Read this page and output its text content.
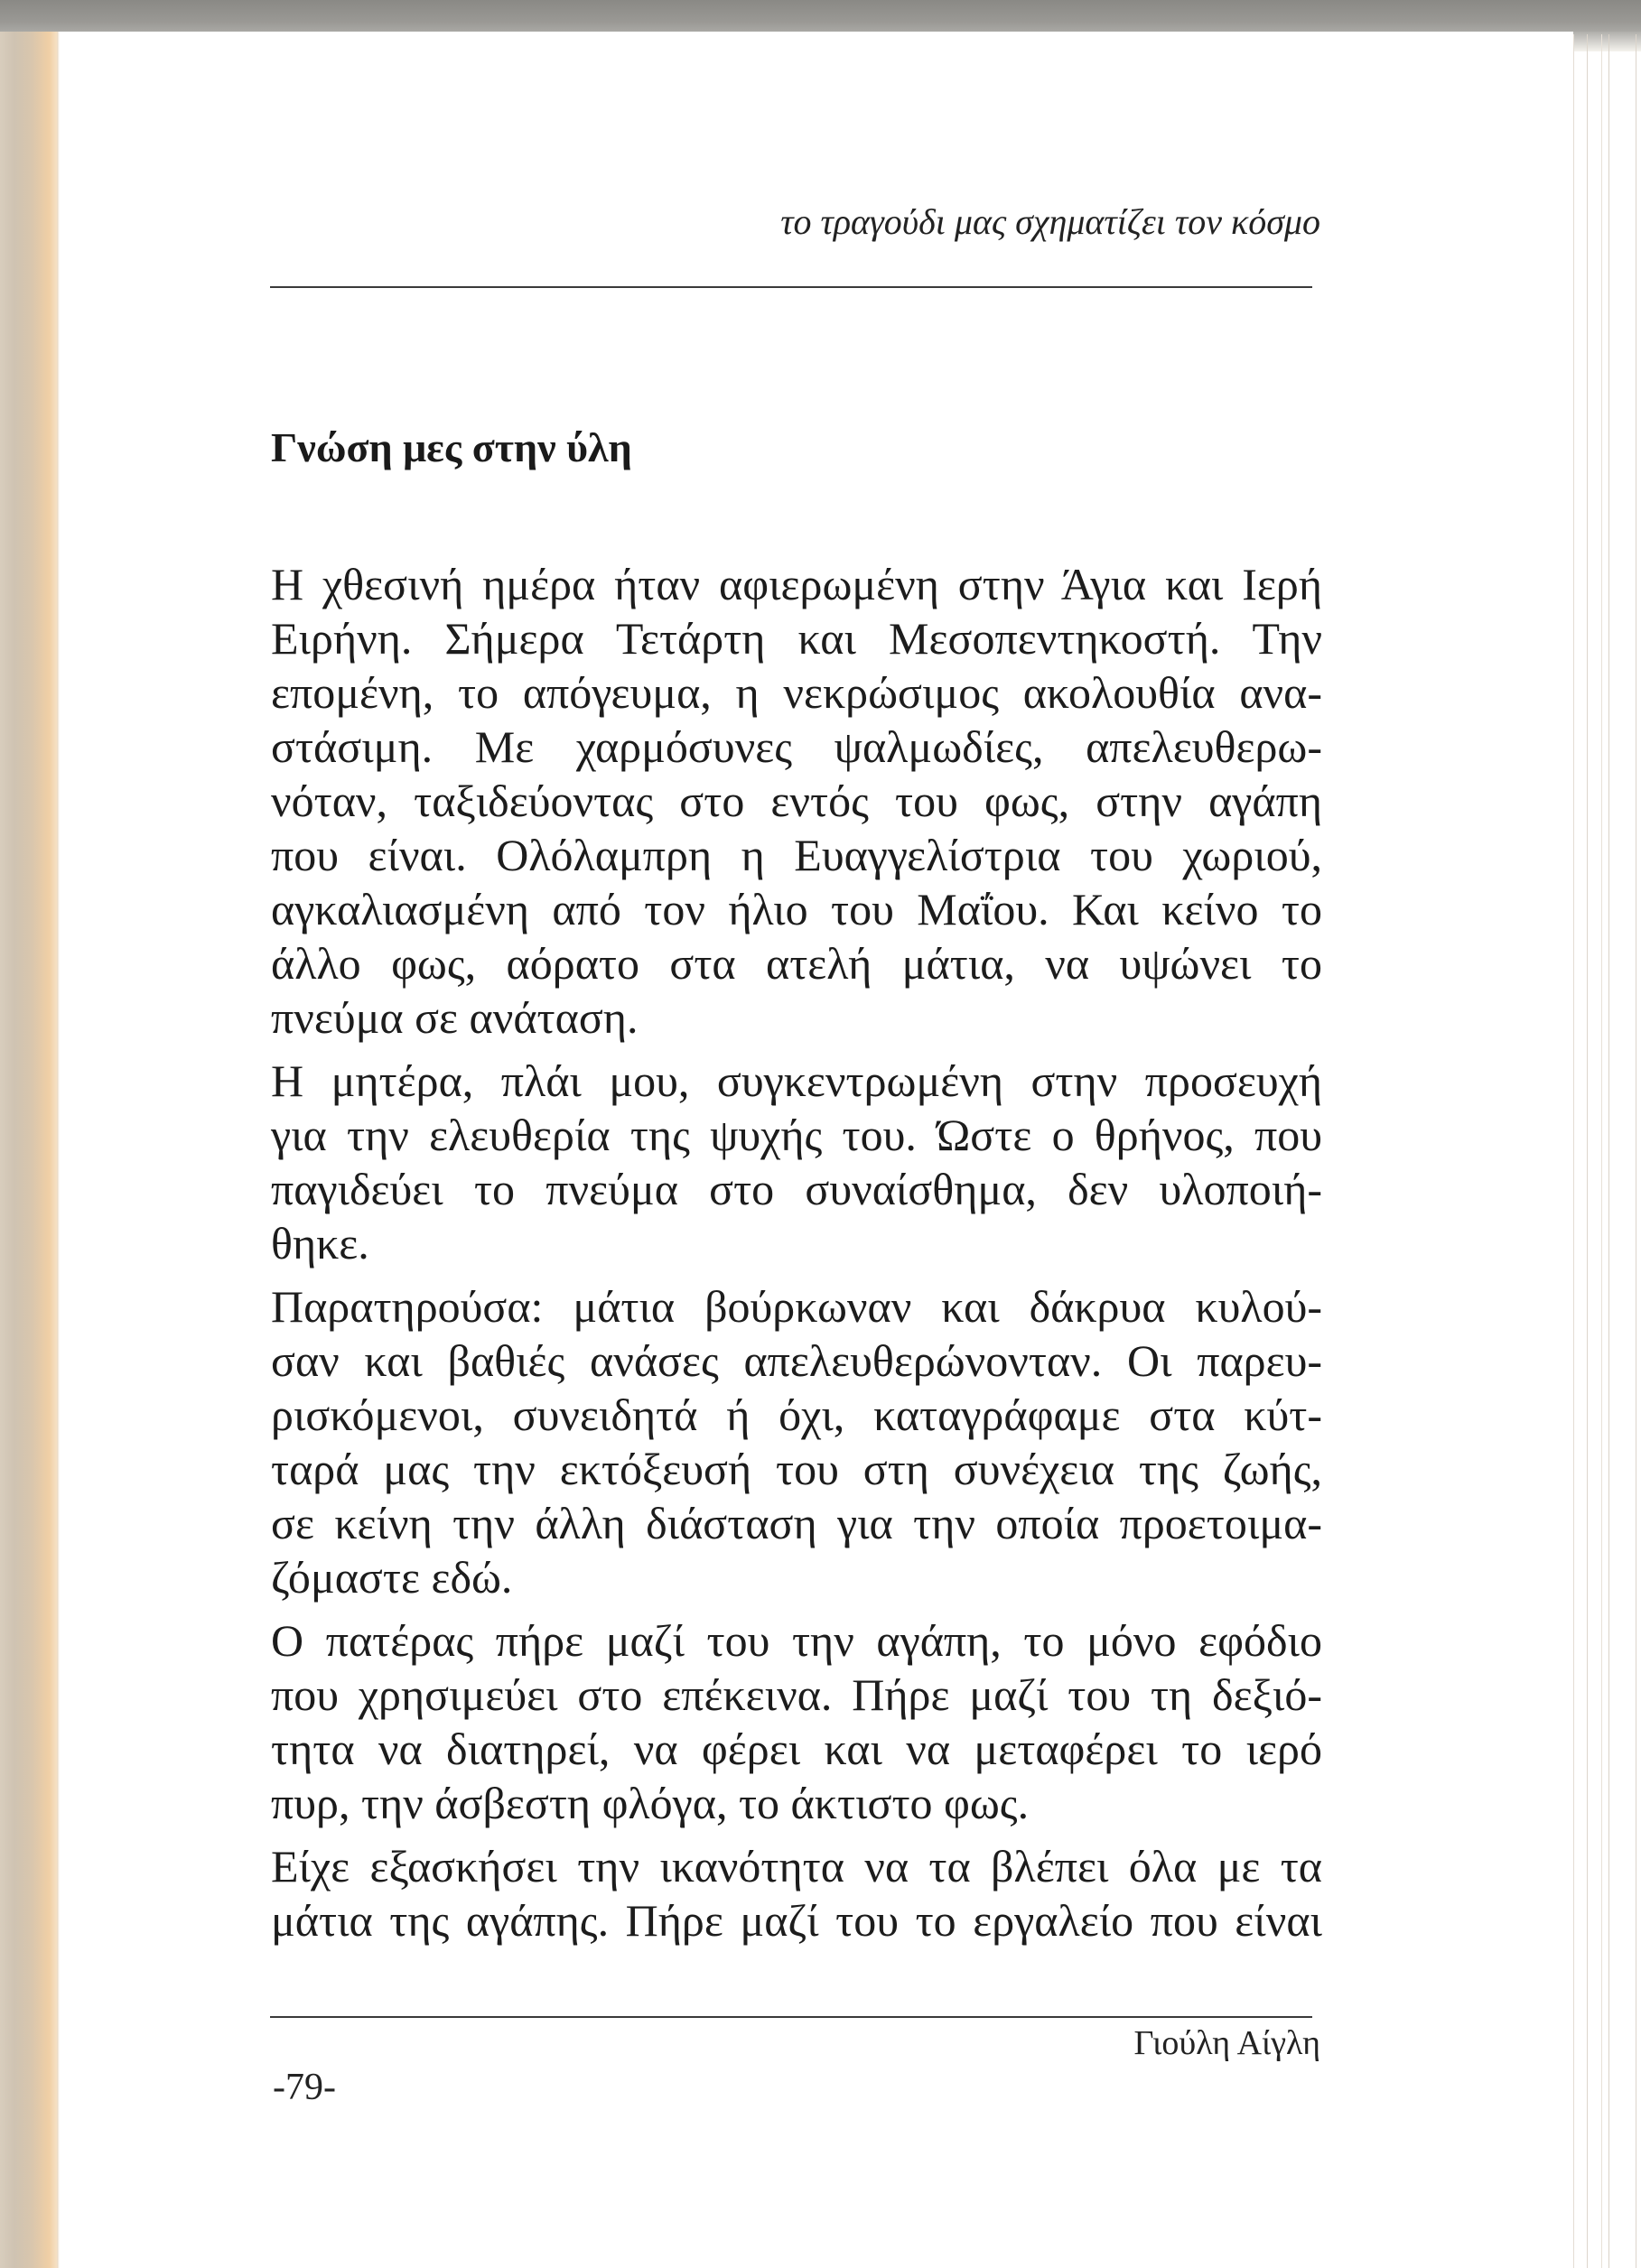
το τραγούδι μας σχηματίζει τον κόσμο
Γνώση μες στην ύλη
Η χθεσινή ημέρα ήταν αφιερωμένη στην Άγια και Ιερή
Ειρήνη. Σήμερα Τετάρτη και Μεσοπεντηκοστή. Την
επομένη, το απόγευμα, η νεκρώσιμος ακολουθία ανα-
στάσιμη. Με χαρμόσυνες ψαλμωδίες, απελευθερω-
νόταν, ταξιδεύοντας στο εντός του φως, στην αγάπη
που είναι. Ολόλαμπρη η Ευαγγελίστρια του χωριού,
αγκαλιασμένη από τον ήλιο του Μαΐου. Και κείνο το
άλλο φως, αόρατο στα ατελή μάτια, να υψώνει το
πνεύμα σε ανάταση.
Η μητέρα, πλάι μου, συγκεντρωμένη στην προσευχή
για την ελευθερία της ψυχής του. Ώστε ο θρήνος, που
παγιδεύει το πνεύμα στο συναίσθημα, δεν υλοποιή-
θηκε.
Παρατηρούσα: μάτια βούρκωναν και δάκρυα κυλού-
σαν και βαθιές ανάσες απελευθερώνονταν. Οι παρευ-
ρισκόμενοι, συνειδητά ή όχι, καταγράφαμε στα κύτ-
ταρά μας την εκτόξευσή του στη συνέχεια της ζωής,
σε κείνη την άλλη διάσταση για την οποία προετοιμα-
ζόμαστε εδώ.
Ο πατέρας πήρε μαζί του την αγάπη, το μόνο εφόδιο
που χρησιμεύει στο επέκεινα. Πήρε μαζί του τη δεξιό-
τητα να διατηρεί, να φέρει και να μεταφέρει το ιερό
πυρ, την άσβεστη φλόγα, το άκτιστο φως.
Είχε εξασκήσει την ικανότητα να τα βλέπει όλα με τα
μάτια της αγάπης. Πήρε μαζί του το εργαλείο που είναι
Γιούλη Αίγλη
-79-
